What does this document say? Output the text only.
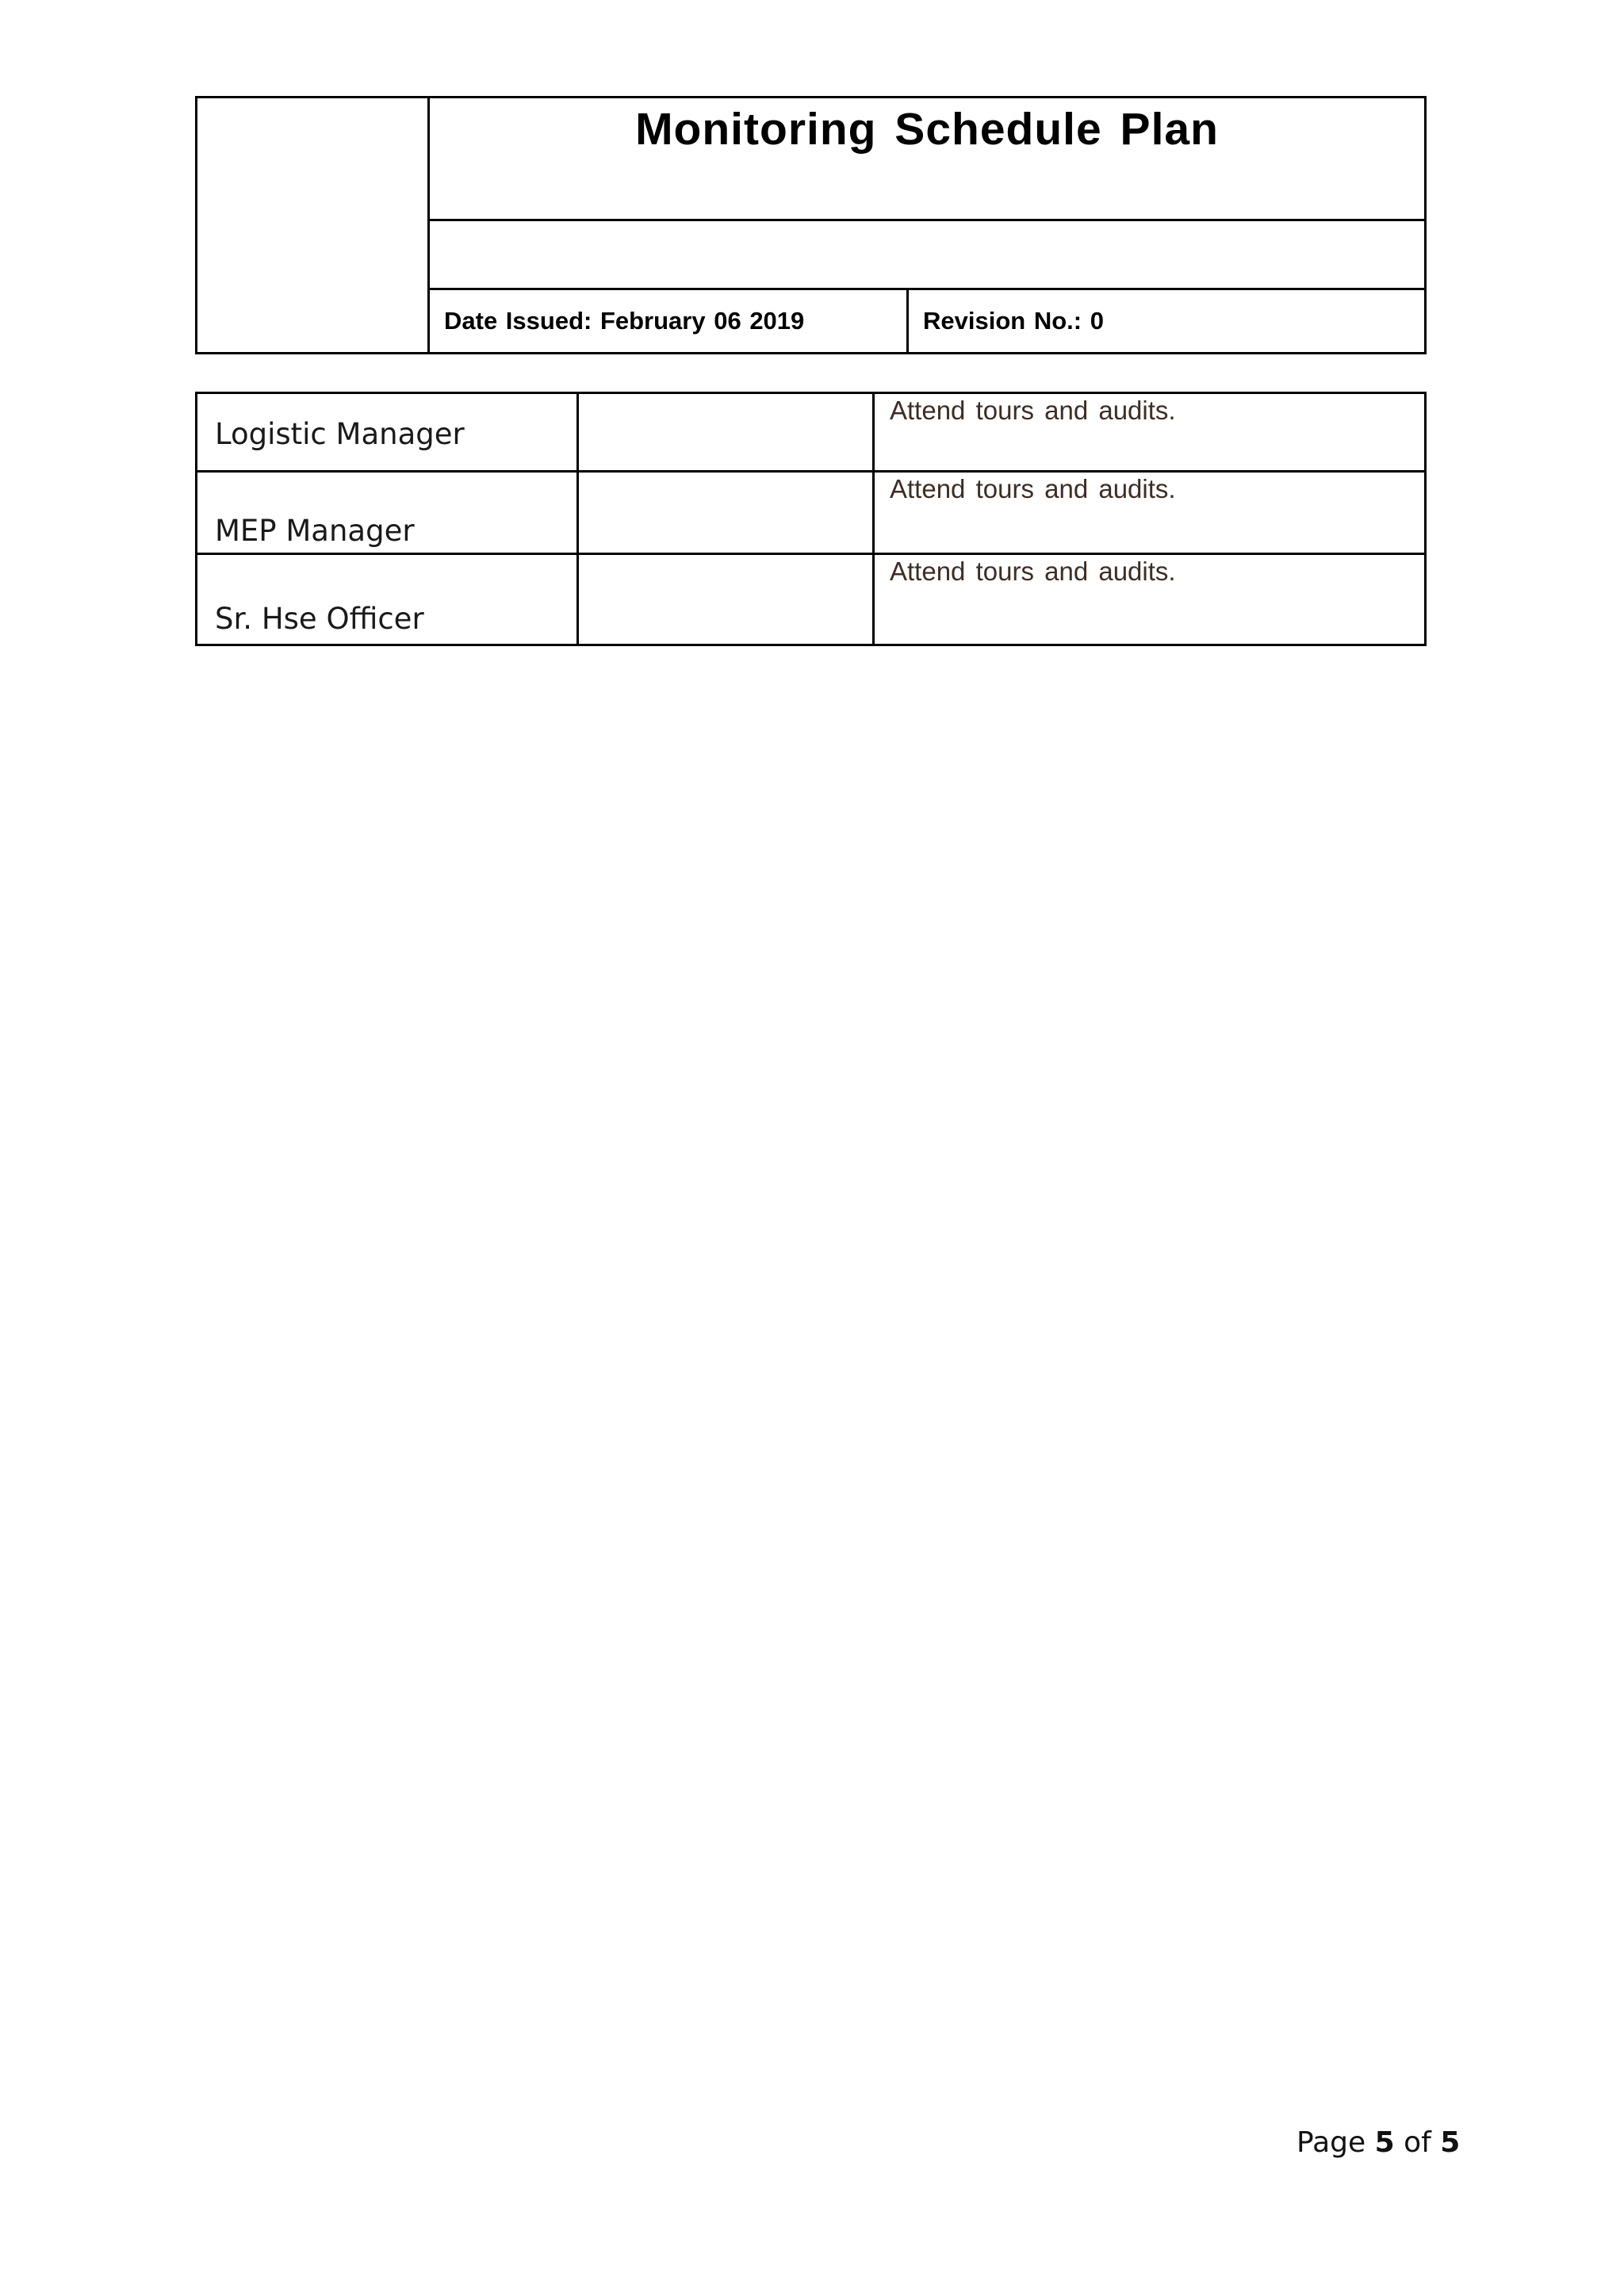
Monitoring Schedule Plan
Date Issued: February 06 2019	Revision No.: 0
Logistic Manager
Attend tours and audits.
MEP Manager
Attend tours and audits.
Sr. Hse Officer
Attend tours and audits.
Page 5 of 5
